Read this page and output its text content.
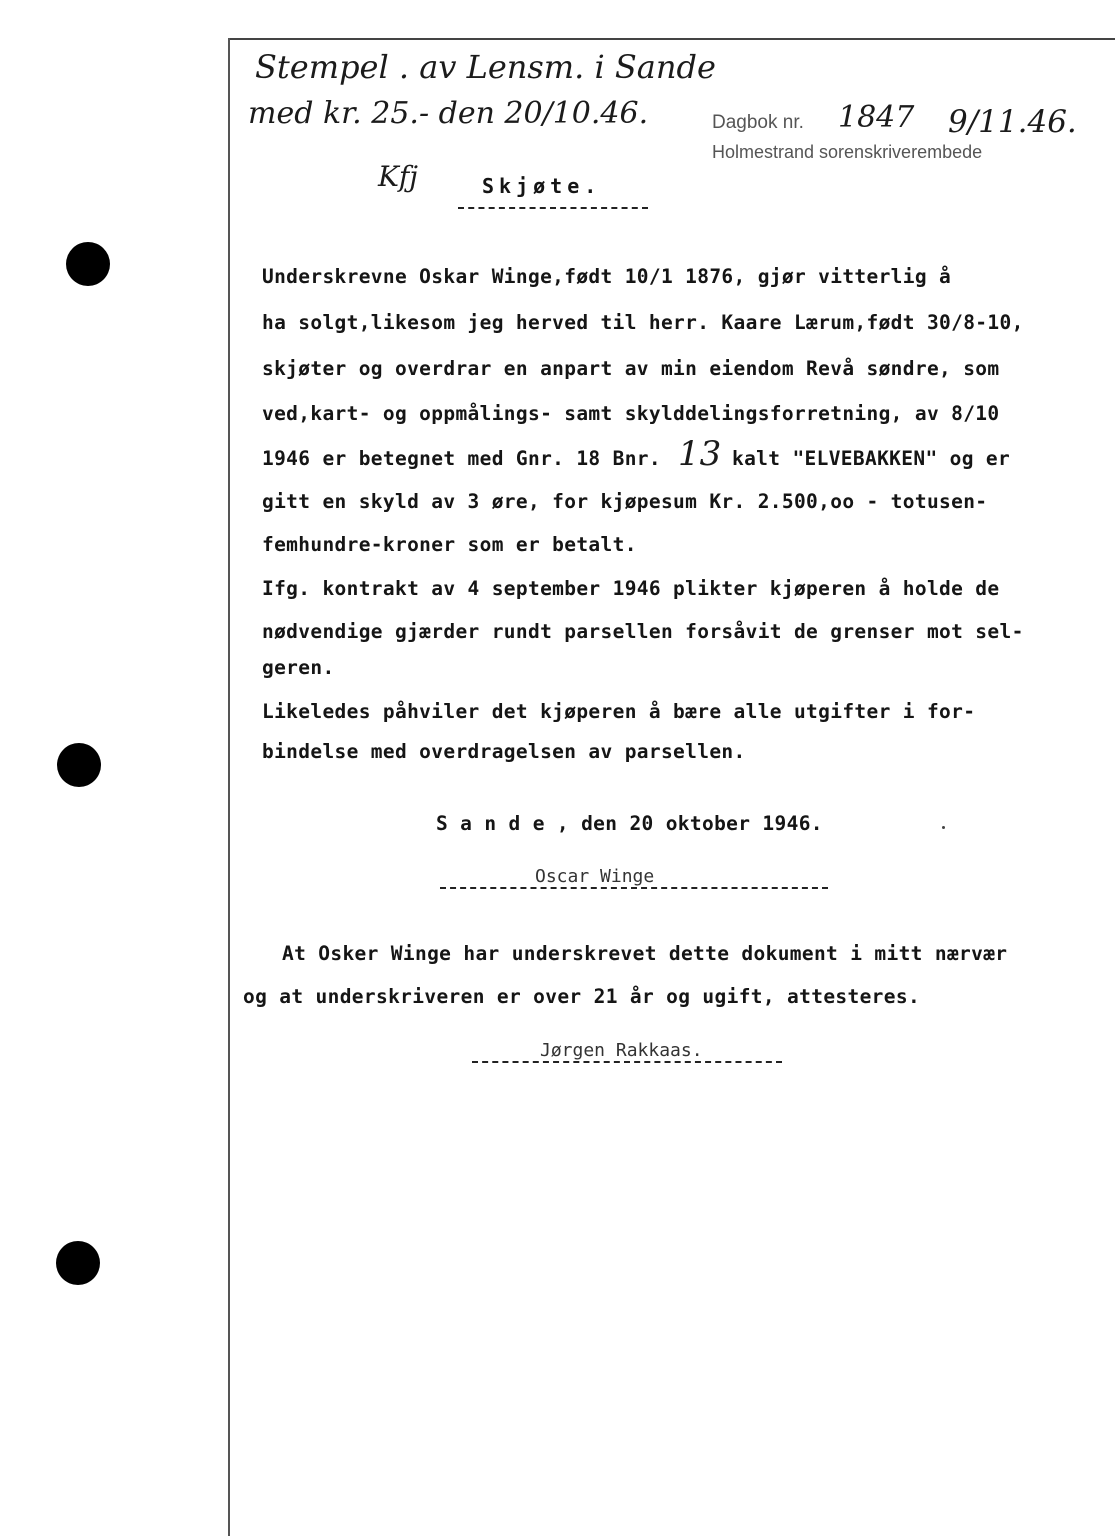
Stempel . av Lensm. i Sande
med kr. 25.- den 20/10.46.	Dagbok nr. 1847 9/11.46.
Holmestrand sorenskriverembede
Kfj	Skjøte.
Underskrevne Oskar Winge,født 10/1 1876, gjør vitterlig å
ha solgt,likesom jeg herved til herr. Kaare Lærum,født 30/8-10,
skjøter og overdrar en anpart av min eiendom Revå søndre, som
ved,kart- og oppmålings- samt skylddelingsforretning, av 8/10
1946 er betegnet med Gnr. 18 Bnr. 13 kalt "ELVEBAKKEN" og er
gitt en skyld av 3 øre, for kjøpesum Kr. 2.500,oo - totusen-
femhundre-kroner som er betalt.
Ifg. kontrakt av 4 september 1946 plikter kjøperen å holde de
nødvendige gjærder rundt parsellen forsåvit de grenser mot sel-
geren.
Likeledes påhviler det kjøperen å bære alle utgifter i for-
bindelse med overdragelsen av parsellen.
S a n d e , den 20 oktober 1946.
Oscar Winge
At Osker Winge har underskrevet dette dokument i mitt nærvær
og at underskriveren er over 21 år og ugift, attesteres.
Jørgen Rakkaas.
